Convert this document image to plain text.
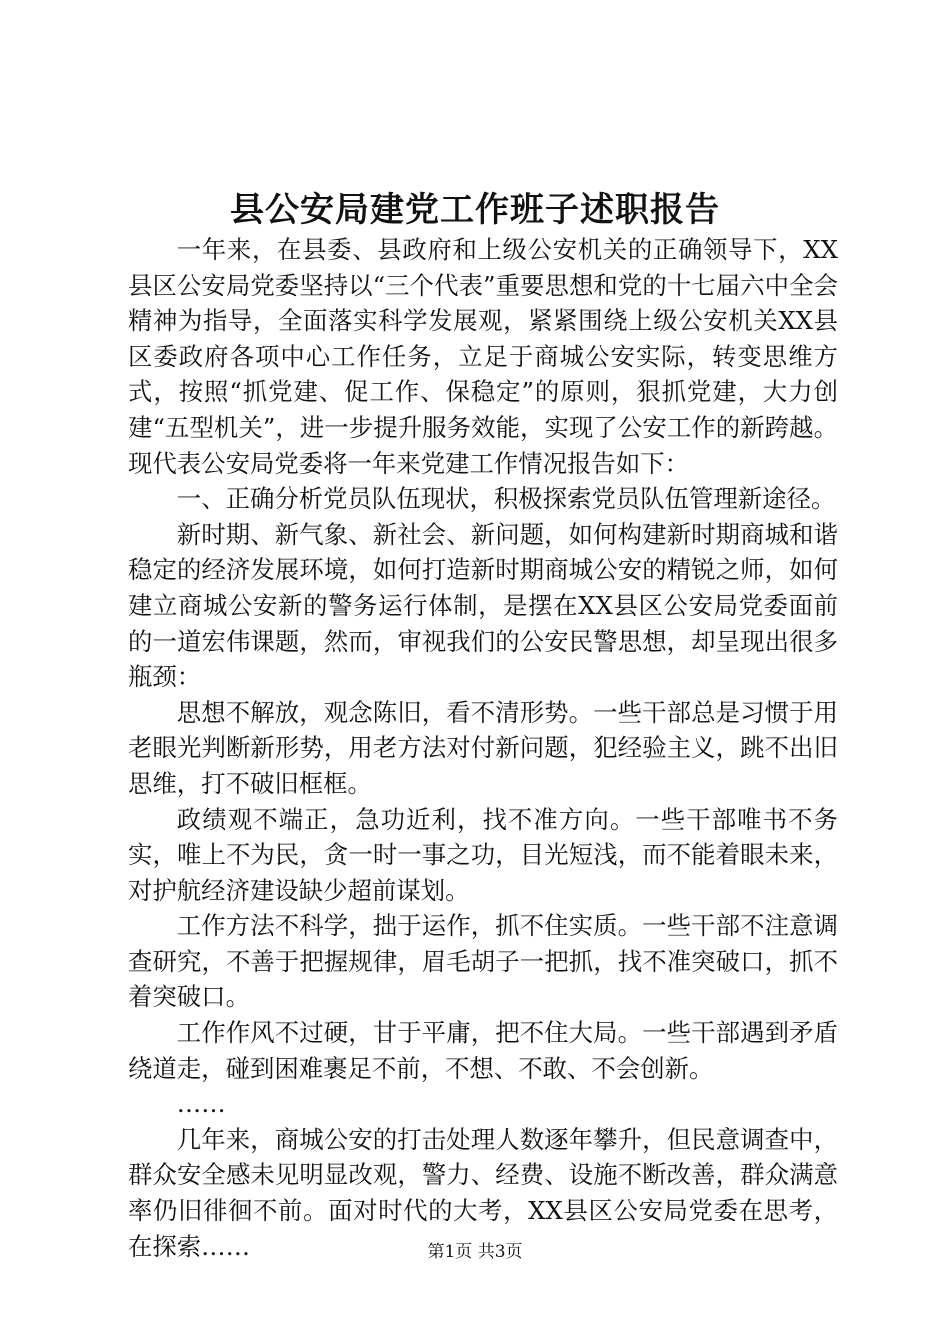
县公安局建党工作班子述职报告

一年来，在县委、县政府和上级公安机关的正确领导下，XX县区公安局党委坚持以“三个代表”重要思想和党的十七届六中全会精神为指导，全面落实科学发展观，紧紧围绕上级公安机关XX县区委政府各项中心工作任务，立足于商城公安实际，转变思维方式，按照“抓党建、促工作、保稳定”的原则，狠抓党建，大力创建“五型机关”，进一步提升服务效能，实现了公安工作的新跨越。现代表公安局党委将一年来党建工作情况报告如下：

一、正确分析党员队伍现状，积极探索党员队伍管理新途径。

新时期、新气象、新社会、新问题，如何构建新时期商城和谐稳定的经济发展环境，如何打造新时期商城公安的精锐之师，如何建立商城公安新的警务运行体制，是摆在XX县区公安局党委面前的一道宏伟课题，然而，审视我们的公安民警思想，却呈现出很多瓶颈：

思想不解放，观念陈旧，看不清形势。一些干部总是习惯于用老眼光判断新形势，用老方法对付新问题，犯经验主义，跳不出旧思维，打不破旧框框。

政绩观不端正，急功近利，找不准方向。一些干部唯书不务实，唯上不为民，贪一时一事之功，目光短浅，而不能着眼未来，对护航经济建设缺少超前谋划。

工作方法不科学，拙于运作，抓不住实质。一些干部不注意调查研究，不善于把握规律，眉毛胡子一把抓，找不准突破口，抓不着突破口。

工作作风不过硬，甘于平庸，把不住大局。一些干部遇到矛盾绕道走，碰到困难裹足不前，不想、不敢、不会创新。

……

几年来，商城公安的打击处理人数逐年攀升，但民意调查中，群众安全感未见明显改观，警力、经费、设施不断改善，群众满意率仍旧徘徊不前。面对时代的大考，XX县区公安局党委在思考，在探索……	第1页 共3页
